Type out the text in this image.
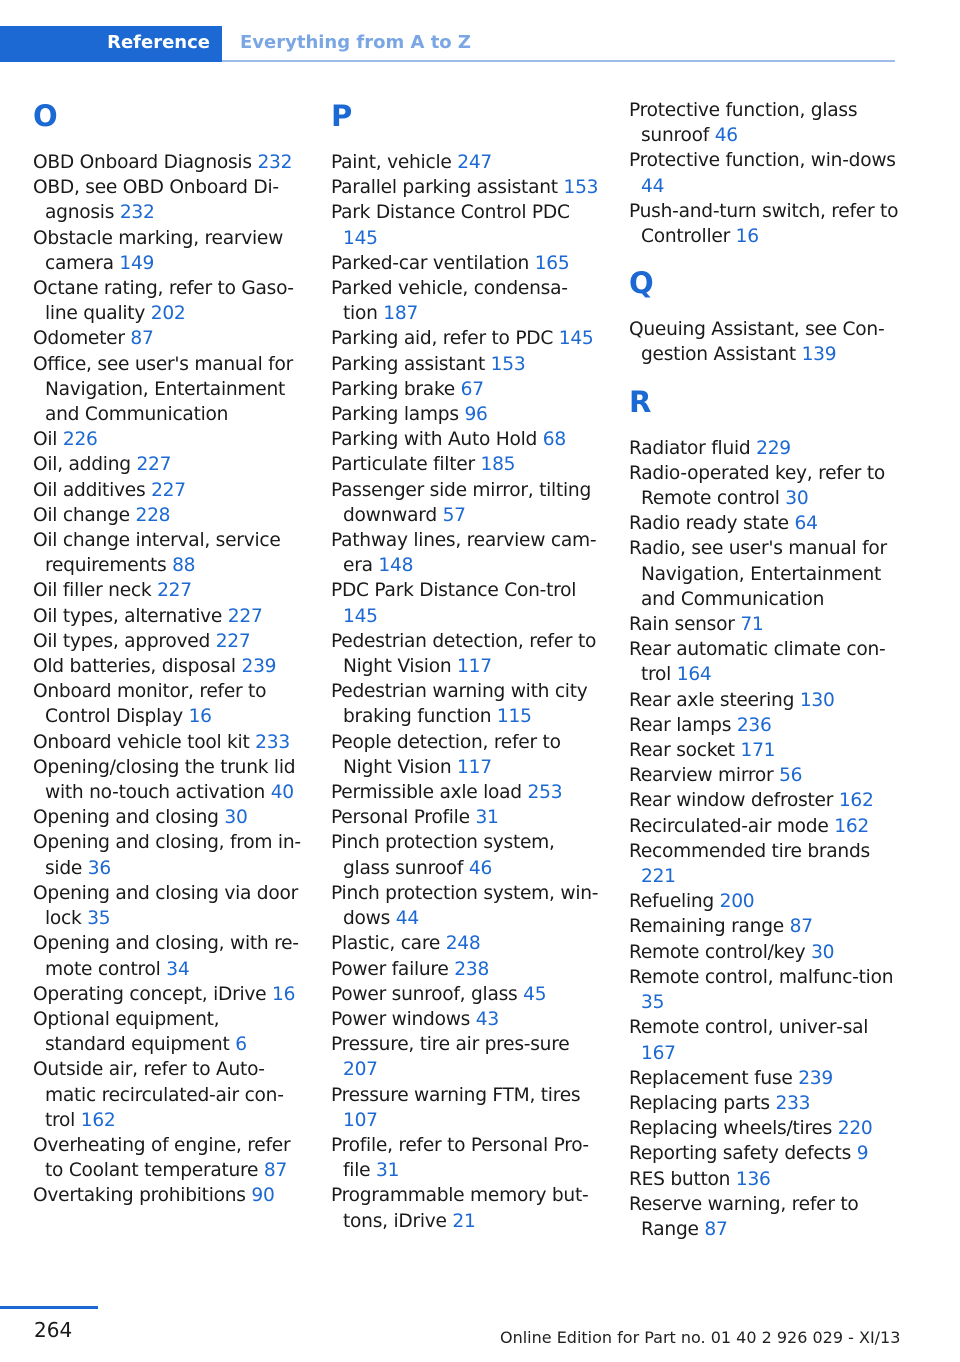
Reference Everything from A to Z
O
OBD Onboard Diagnosis 232
OBD, see OBD Onboard Di‐agnosis 232
Obstacle marking, rearview camera 149
Octane rating, refer to Gaso‐line quality 202
Odometer 87
Office, see user's manual for Navigation, Entertainment and Communication
Oil 226
Oil, adding 227
Oil additives 227
Oil change 228
Oil change interval, service requirements 88
Oil filler neck 227
Oil types, alternative 227
Oil types, approved 227
Old batteries, disposal 239
Onboard monitor, refer to Control Display 16
Onboard vehicle tool kit 233
Opening/closing the trunk lid with no-touch activation 40
Opening and closing 30
Opening and closing, from in‐side 36
Opening and closing via door lock 35
Opening and closing, with re‐mote control 34
Operating concept, iDrive 16
Optional equipment, standard equipment 6
Outside air, refer to Auto‐matic recirculated-air con‐trol 162
Overheating of engine, refer to Coolant temperature 87
Overtaking prohibitions 90
P
Paint, vehicle 247
Parallel parking assistant 153
Park Distance Control PDC 145
Parked-car ventilation 165
Parked vehicle, condensa‐tion 187
Parking aid, refer to PDC 145
Parking assistant 153
Parking brake 67
Parking lamps 96
Parking with Auto Hold 68
Particulate filter 185
Passenger side mirror, tilting downward 57
Pathway lines, rearview cam‐era 148
PDC Park Distance Con‐trol 145
Pedestrian detection, refer to Night Vision 117
Pedestrian warning with city braking function 115
People detection, refer to Night Vision 117
Permissible axle load 253
Personal Profile 31
Pinch protection system, glass sunroof 46
Pinch protection system, win‐dows 44
Plastic, care 248
Power failure 238
Power sunroof, glass 45
Power windows 43
Pressure, tire air pres‐sure 207
Pressure warning FTM, tires 107
Profile, refer to Personal Pro‐file 31
Programmable memory but‐tons, iDrive 21
Protective function, glass sunroof 46
Protective function, win‐dows 44
Push-and-turn switch, refer to Controller 16
Q
Queuing Assistant, see Con‐gestion Assistant 139
R
Radiator fluid 229
Radio-operated key, refer to Remote control 30
Radio ready state 64
Radio, see user's manual for Navigation, Entertainment and Communication
Rain sensor 71
Rear automatic climate con‐trol 164
Rear axle steering 130
Rear lamps 236
Rear socket 171
Rearview mirror 56
Rear window defroster 162
Recirculated-air mode 162
Recommended tire brands 221
Refueling 200
Remaining range 87
Remote control/key 30
Remote control, malfunc‐tion 35
Remote control, univer‐sal 167
Replacement fuse 239
Replacing parts 233
Replacing wheels/tires 220
Reporting safety defects 9
RES button 136
Reserve warning, refer to Range 87
264	Online Edition for Part no. 01 40 2 926 029 - XI/13
